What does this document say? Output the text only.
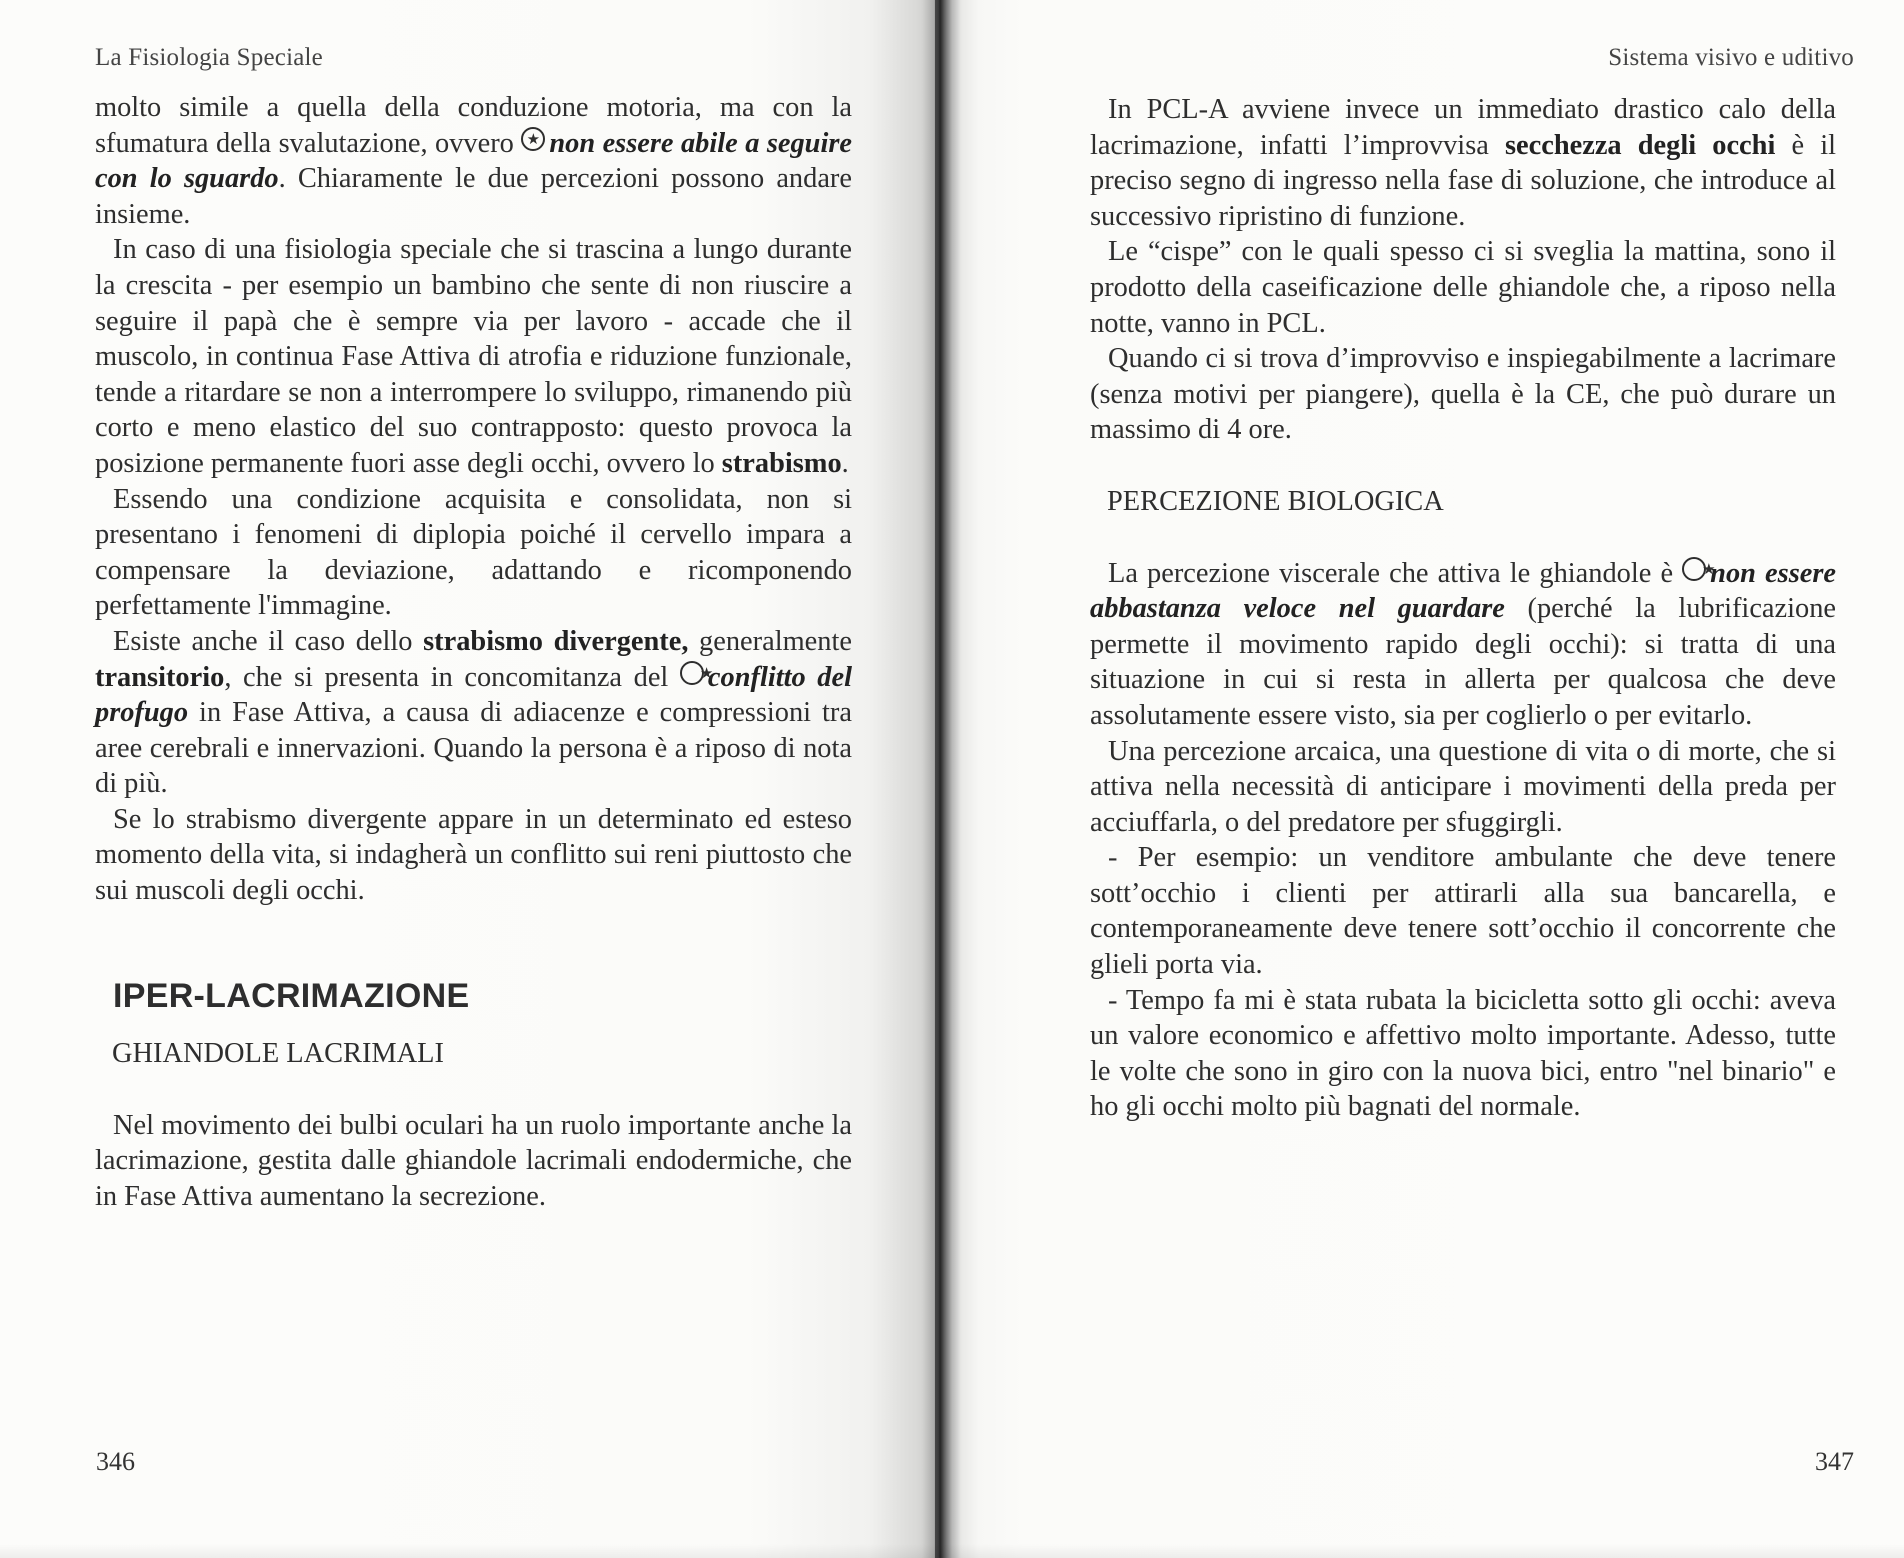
La Fisiologia Speciale

molto simile a quella della conduzione motoria, ma con la sfumatura della svalutazione, ovvero ★non essere abile a seguire con lo sguardo. Chiaramente le due percezioni possono andare insieme.

In caso di una fisiologia speciale che si trascina a lungo durante la crescita - per esempio un bambino che sente di non riuscire a seguire il papà che è sempre via per lavoro - accade che il muscolo, in continua Fase Attiva di atrofia e riduzione funzionale, tende a ritardare se non a interrompere lo sviluppo, rimanendo più corto e meno elastico del suo contrapposto: questo provoca la posizione permanente fuori asse degli occhi, ovvero lo strabismo.

Essendo una condizione acquisita e consolidata, non si presentano i fenomeni di diplopia poiché il cervello impara a compensare la deviazione, adattando e ricomponendo perfettamente l'immagine.

Esiste anche il caso dello strabismo divergente, generalmente transitorio, che si presenta in concomitanza del ★conflitto del profugo in Fase Attiva, a causa di adiacenze e compressioni tra aree cerebrali e innervazioni. Quando la persona è a riposo di nota di più.

Se lo strabismo divergente appare in un determinato ed esteso momento della vita, si indagherà un conflitto sui reni piuttosto che sui muscoli degli occhi.

IPER-LACRIMAZIONE
GHIANDOLE LACRIMALI

Nel movimento dei bulbi oculari ha un ruolo importante anche la lacrimazione, gestita dalle ghiandole lacrimali endodermiche, che in Fase Attiva aumentano la secrezione.

346
Sistema visivo e uditivo
347

In PCL-A avviene invece un immediato drastico calo della lacrimazione, infatti l’improvvisa secchezza degli occhi è il preciso segno di ingresso nella fase di soluzione, che introduce al successivo ripristino di funzione.

Le “cispe” con le quali spesso ci si sveglia la mattina, sono il prodotto della caseificazione delle ghiandole che, a riposo nella notte, vanno in PCL.

Quando ci si trova d’improvviso e inspiegabilmente a lacrimare (senza motivi per piangere), quella è la CE, che può durare un massimo di 4 ore.

PERCEZIONE BIOLOGICA

La percezione viscerale che attiva le ghiandole è ★non essere abbastanza veloce nel guardare (perché la lubrificazione permette il movimento rapido degli occhi): si tratta di una situazione in cui si resta in allerta per qualcosa che deve assolutamente essere visto, sia per coglierlo o per evitarlo.

Una percezione arcaica, una questione di vita o di morte, che si attiva nella necessità di anticipare i movimenti della preda per acciuffarla, o del predatore per sfuggirgli.

- Per esempio: un venditore ambulante che deve tenere sott’occhio i clienti per attirarli alla sua bancarella, e contemporaneamente deve tenere sott’occhio il concorrente che glieli porta via.

- Tempo fa mi è stata rubata la bicicletta sotto gli occhi: aveva un valore economico e affettivo molto importante. Adesso, tutte le volte che sono in giro con la nuova bici, entro "nel binario" e ho gli occhi molto più bagnati del normale.
